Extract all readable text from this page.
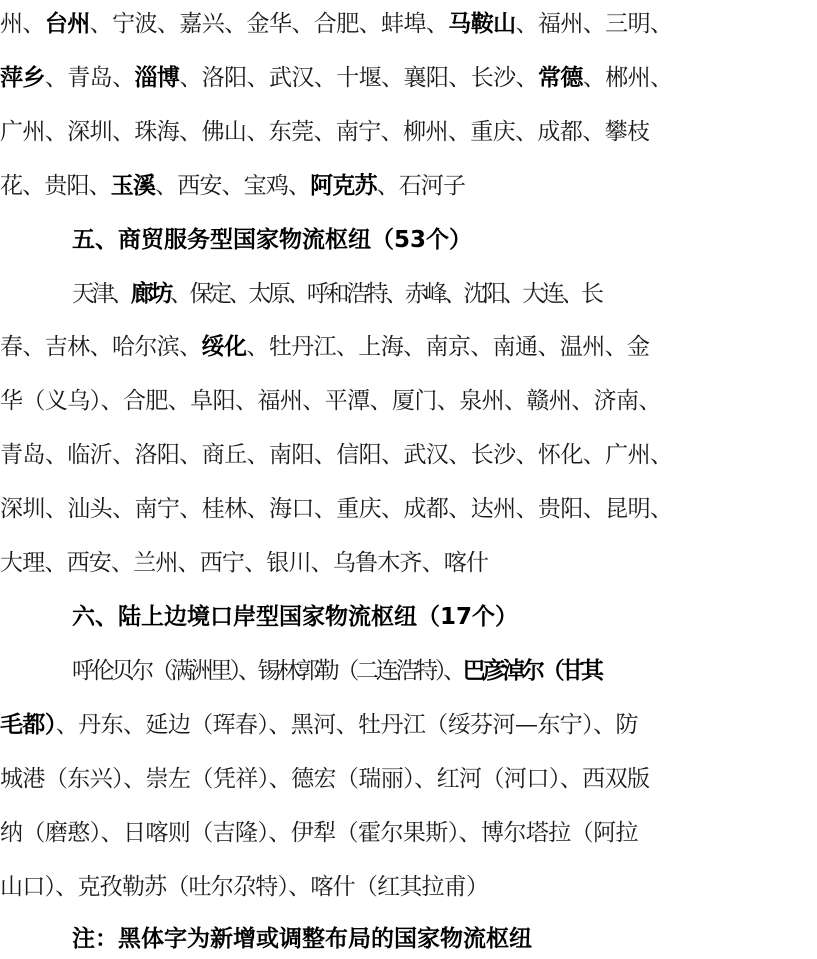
州、台州、宁波、嘉兴、金华、合肥、蚌埠、马鞍山、福州、三明、
萍乡、青岛、淄博、洛阳、武汉、十堰、襄阳、长沙、常德、郴州、
广州、深圳、珠海、佛山、东莞、南宁、柳州、重庆、成都、攀枝
花、贵阳、玉溪、西安、宝鸡、阿克苏、石河子
五、商贸服务型国家物流枢纽（53个）
天津、廊坊、保定、太原、呼和浩特、赤峰、沈阳、大连、长
春、吉林、哈尔滨、绥化、牡丹江、上海、南京、南通、温州、金
华（义乌）、合肥、阜阳、福州、平潭、厦门、泉州、赣州、济南、
青岛、临沂、洛阳、商丘、南阳、信阳、武汉、长沙、怀化、广州、
深圳、汕头、南宁、桂林、海口、重庆、成都、达州、贵阳、昆明、
大理、西安、兰州、西宁、银川、乌鲁木齐、喀什
六、陆上边境口岸型国家物流枢纽（17个）
呼伦贝尔（满洲里）、锡林郭勒（二连浩特）、巴彦淖尔（甘其
毛都）、丹东、延边（珲春）、黑河、牡丹江（绥芬河—东宁）、防
城港（东兴）、崇左（凭祥）、德宏（瑞丽）、红河（河口）、西双版
纳（磨憨）、日喀则（吉隆）、伊犁（霍尔果斯）、博尔塔拉（阿拉
山口）、克孜勒苏（吐尔尕特）、喀什（红其拉甫）
注：黑体字为新增或调整布局的国家物流枢纽
